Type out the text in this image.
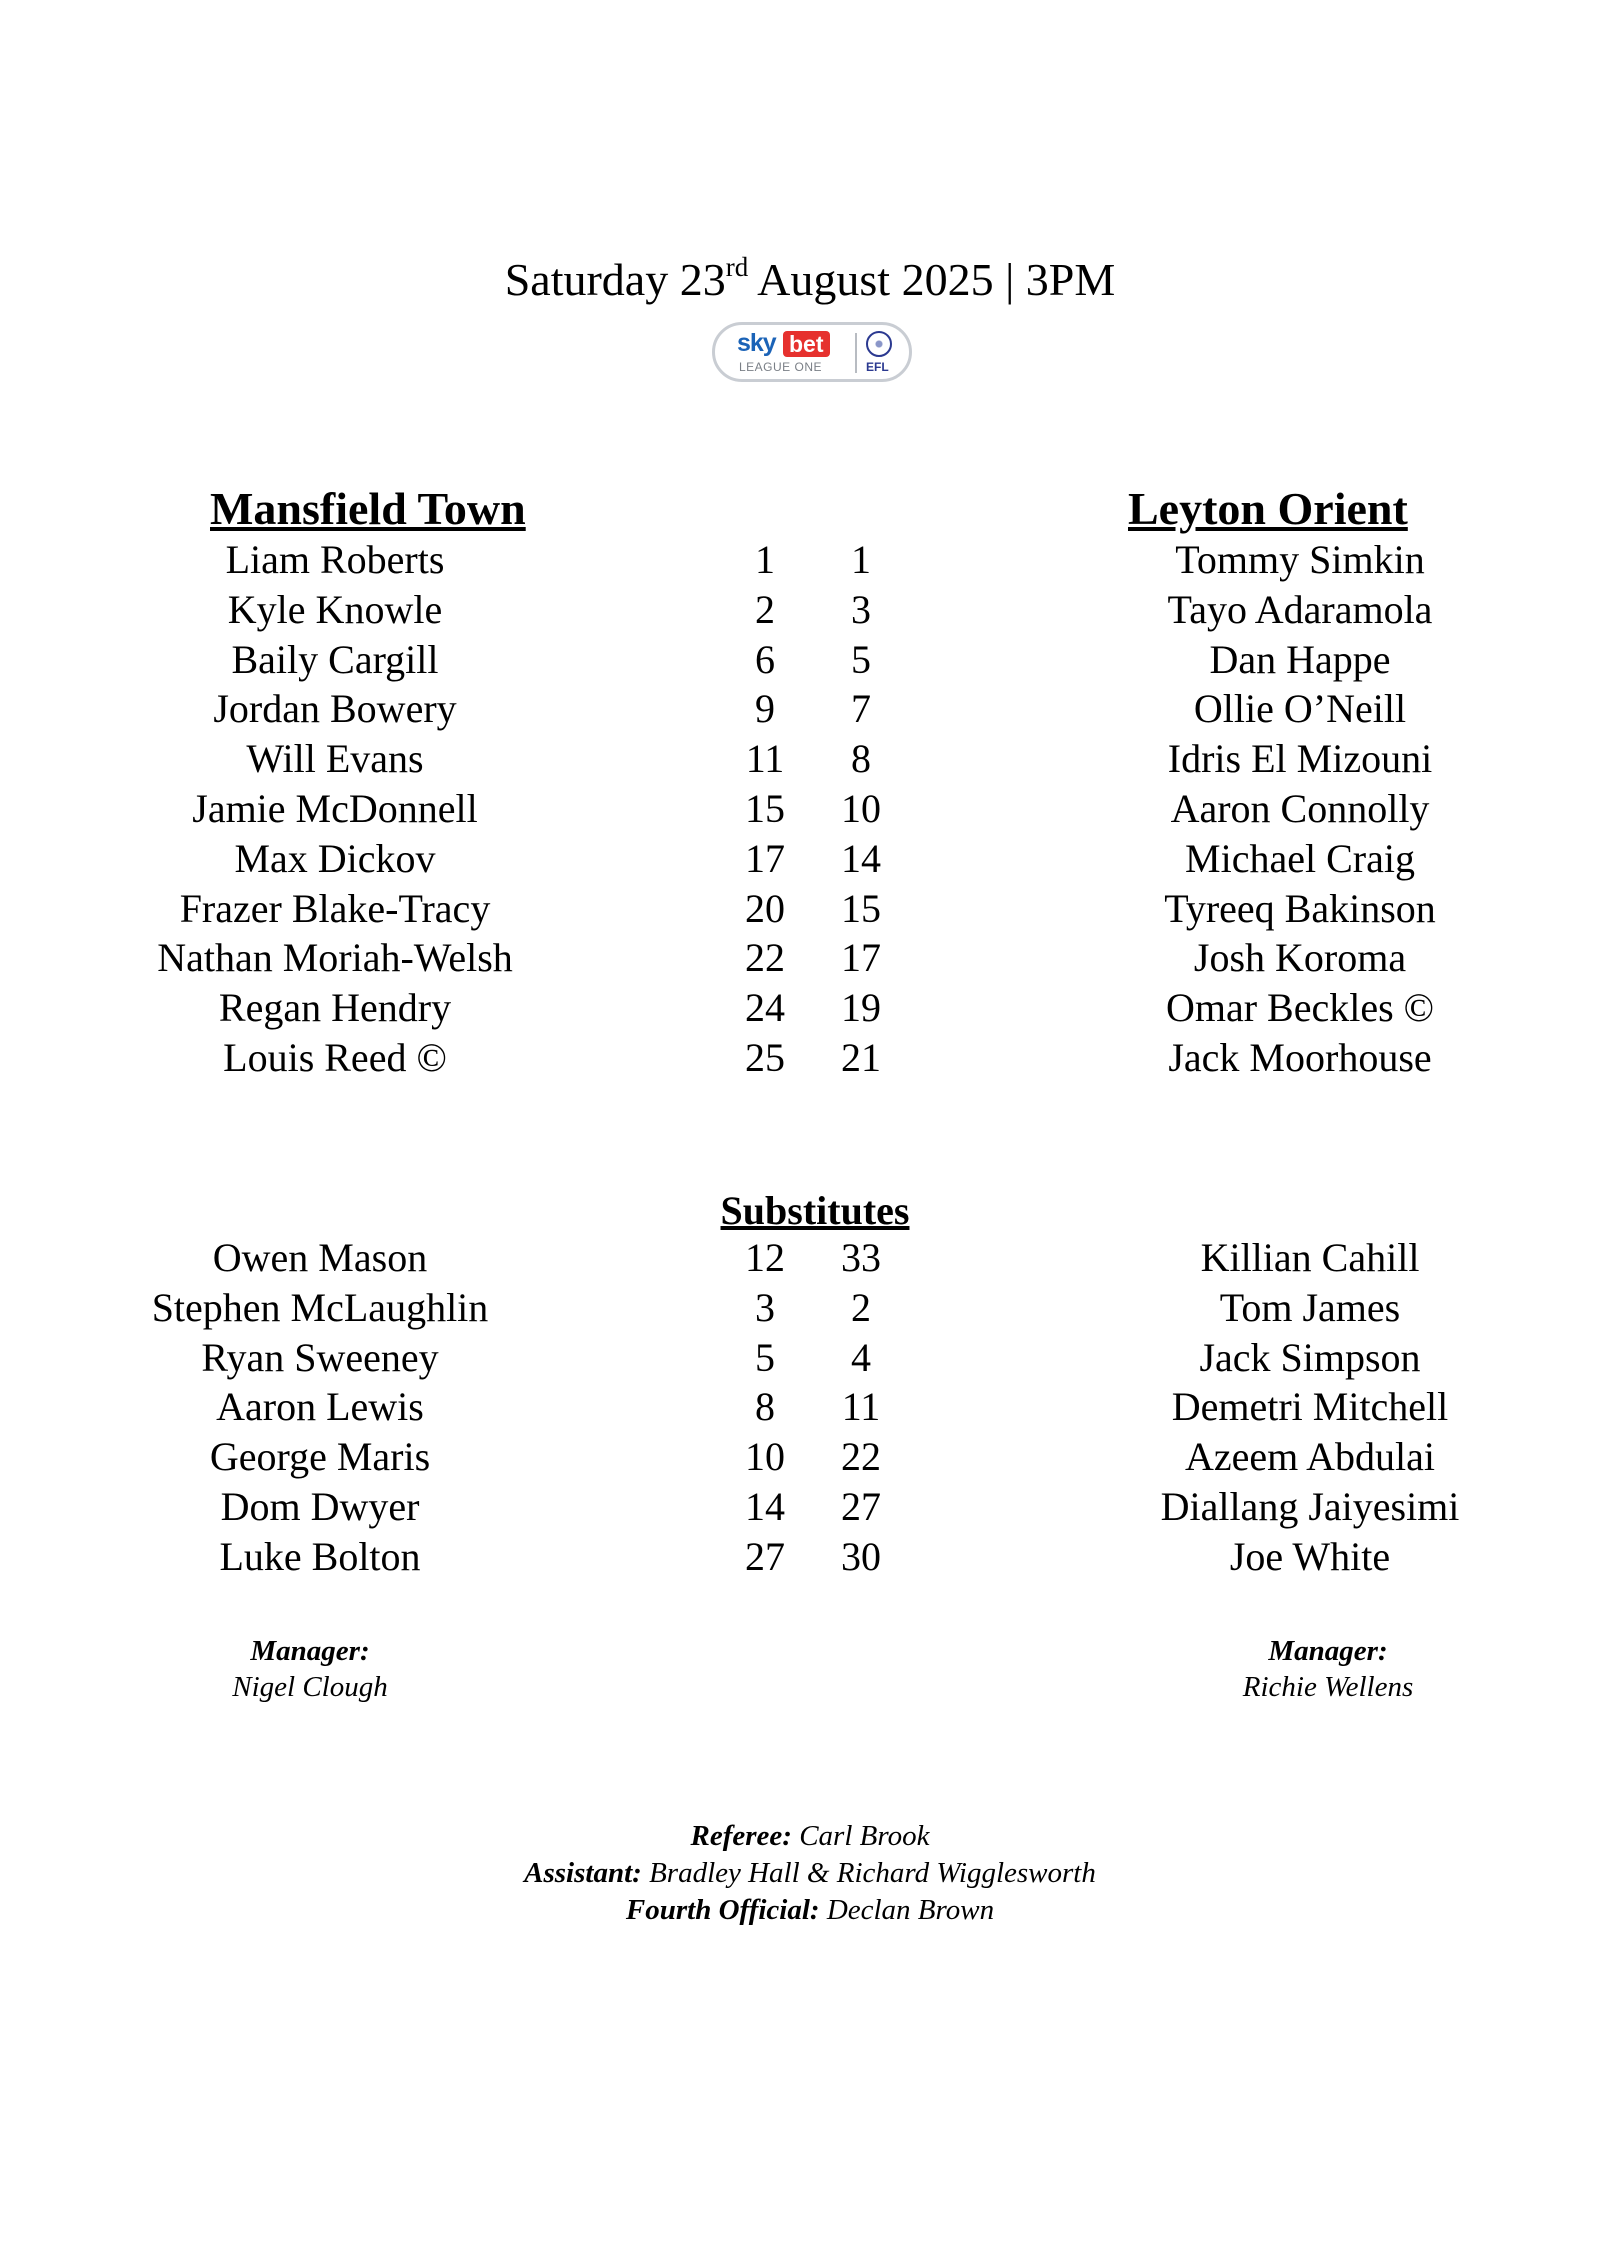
Saturday 23rd August 2025 | 3PM
sky bet
LEAGUE ONE	EFL
Mansfield Town	Leyton Orient
Liam Roberts
Kyle Knowle
Baily Cargill
Jordan Bowery
Will Evans
Jamie McDonnell
Max Dickov
Frazer Blake-Tracy
Nathan Moriah-Welsh
Regan Hendry
Louis Reed ©
1
2
6
9
11
15
17
20
22
24
25
1
3
5
7
8
10
14
15
17
19
21
Tommy Simkin
Tayo Adaramola
Dan Happe
Ollie O’Neill
Idris El Mizouni
Aaron Connolly
Michael Craig
Tyreeq Bakinson
Josh Koroma
Omar Beckles ©
Jack Moorhouse
Substitutes
Owen Mason
Stephen McLaughlin
Ryan Sweeney
Aaron Lewis
George Maris
Dom Dwyer
Luke Bolton
12
3
5
8
10
14
27
33
2
4
11
22
27
30
Killian Cahill
Tom James
Jack Simpson
Demetri Mitchell
Azeem Abdulai
Diallang Jaiyesimi
Joe White
Manager:
Nigel Clough
Manager:
Richie Wellens
Referee: Carl Brook
Assistant: Bradley Hall & Richard Wigglesworth
Fourth Official: Declan Brown
